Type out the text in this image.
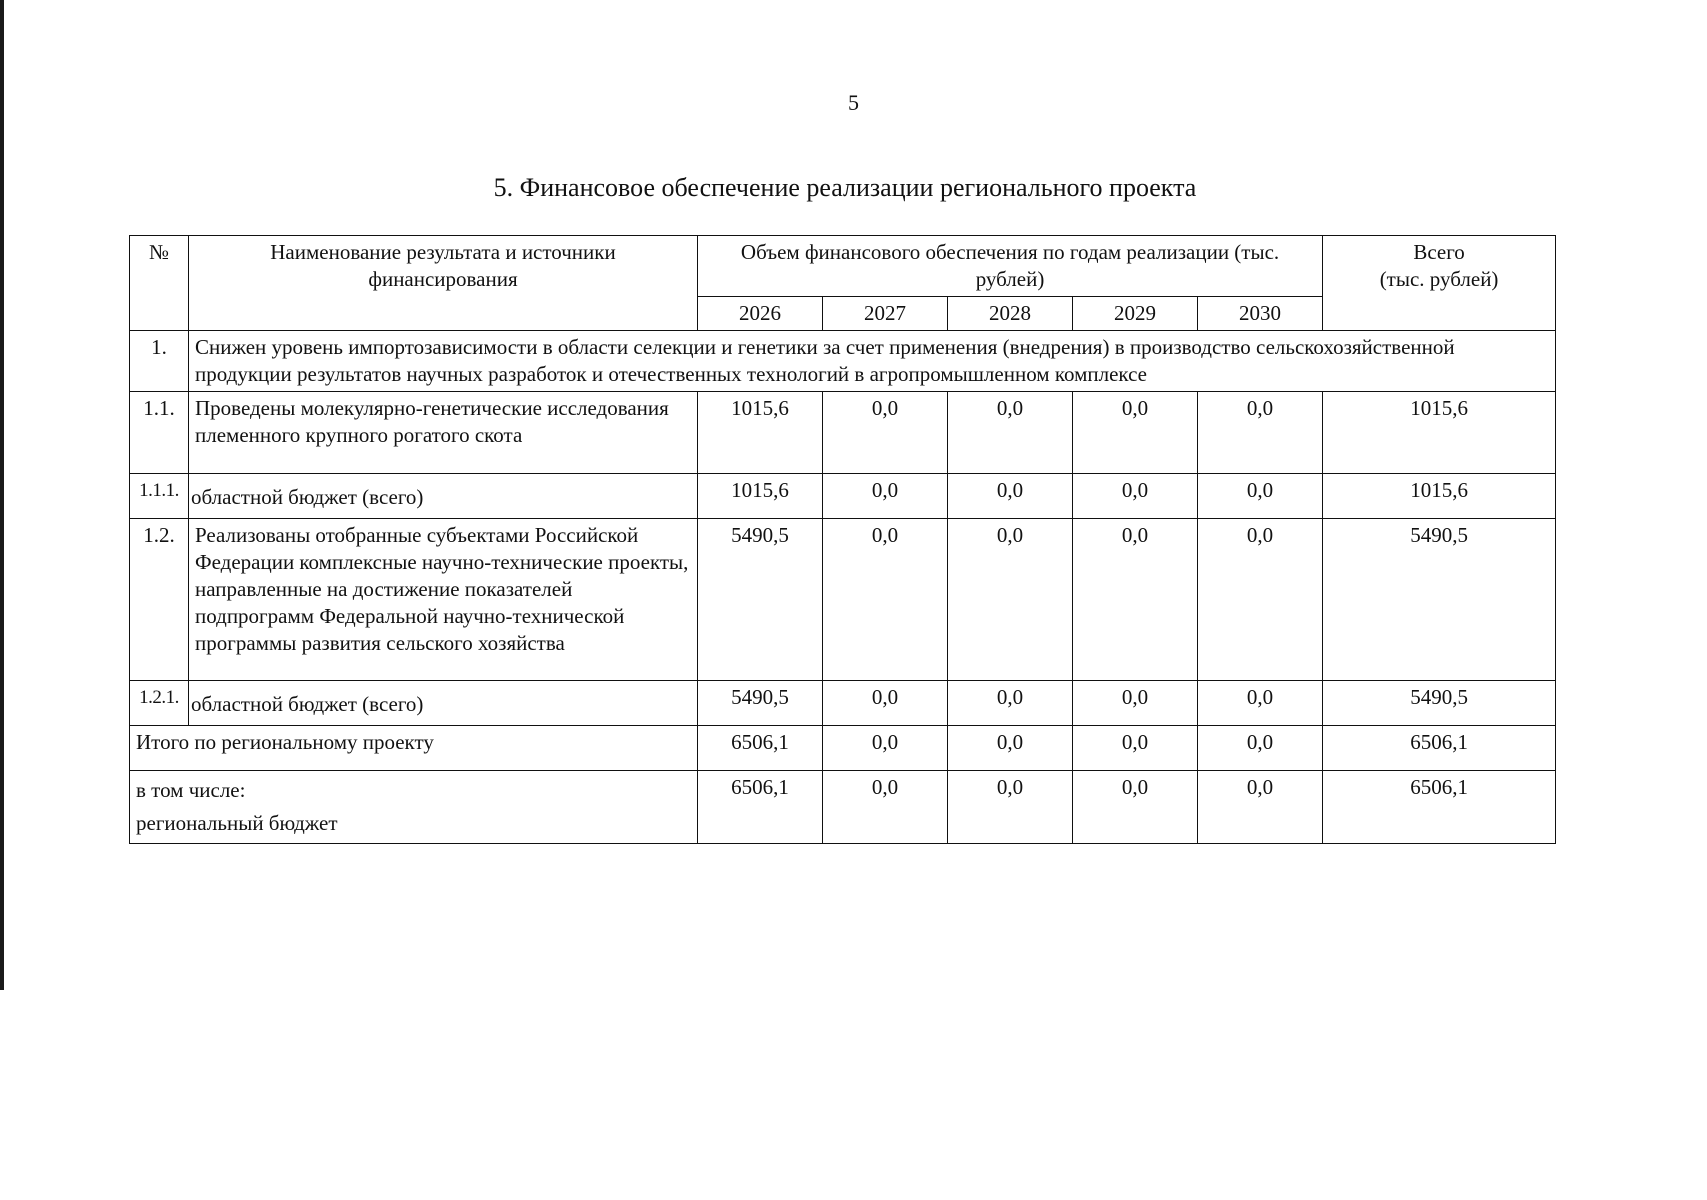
5
5. Финансовое обеспечение реализации регионального проекта
№	Наименование результата и источники финансирования	Объем финансового обеспечения по годам реализации (тыс. рублей)					Всего
(тыс. рублей)

		2026	2027	2028	2029	2030	
1.	Снижен уровень импортозависимости в области селекции и генетики за счет применения (внедрения) в производство сельскохозяйственной продукции результатов научных разработок и отечественных технологий в агропромышленном комплексе						
1.1.	Проведены молекулярно-генетические исследования племенного крупного рогатого скота	1015,6	0,0	0,0	0,0	0,0	1015,6
1.1.1.	областной бюджет (всего)	1015,6	0,0	0,0	0,0	0,0	1015,6
1.2.	Реализованы отобранные субъектами Российской Федерации комплексные научно-технические проекты, направленные на достижение показателей подпрограмм Федеральной научно-технической программы развития сельского хозяйства	5490,5	0,0	0,0	0,0	0,0	5490,5
1.2.1.	областной бюджет (всего)	5490,5	0,0	0,0	0,0	0,0	5490,5
Итого по региональному проекту		6506,1	0,0	0,0	0,0	0,0	6506,1

в том числе:
региональный бюджет		6506,1	0,0	0,0	0,0	0,0	6506,1
